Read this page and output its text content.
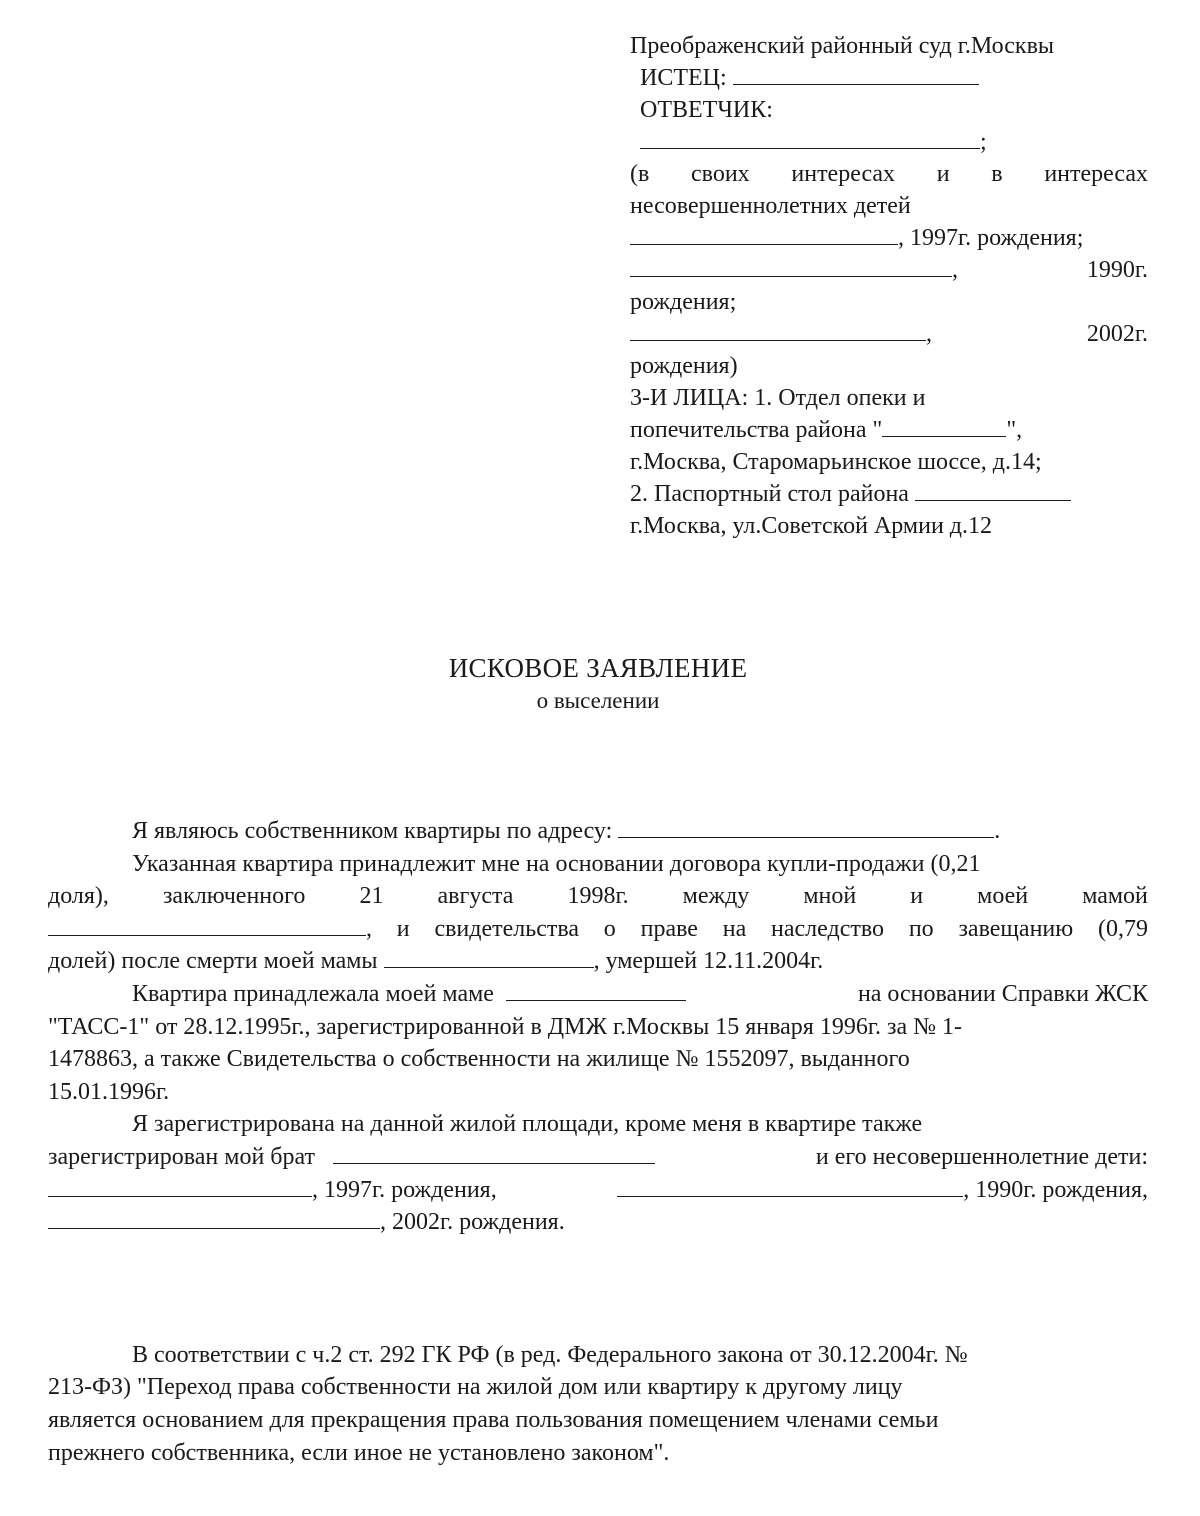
Преображенский районный суд г.Москвы
ИСТЕЦ:
ОТВЕТЧИК:
;
(в своих интересах и в интересах
несовершеннолетних детей
, 1997г. рождения;
,	1990г.
рождения;
,	2002г.
рождения)
3-И ЛИЦА: 1. Отдел опеки и
попечительства района "	",
г.Москва, Старомарьинское шоссе, д.14;
2. Паспортный стол района
г.Москва, ул.Советской Армии д.12
ИСКОВОЕ ЗАЯВЛЕНИЕ
о выселении
Я являюсь собственником квартиры по адресу:	.
Указанная квартира принадлежит мне на основании договора купли-продажи (0,21
доля), заключенного 21 августа 1998г. между мной и моей мамой
, и свидетельства о праве на наследство по завещанию (0,79
долей) после смерти моей мамы	, умершей 12.11.2004г.
Квартира принадлежала моей маме	на основании Справки ЖСК
"ТАСС-1" от 28.12.1995г., зарегистрированной в ДМЖ г.Москвы 15 января 1996г. за № 1-
1478863, а также Свидетельства о собственности на жилище № 1552097, выданного
15.01.1996г.
Я зарегистрирована на данной жилой площади, кроме меня в квартире также
зарегистрирован мой брат	и его несовершеннолетние дети:
, 1997г. рождения,	, 1990г. рождения,
, 2002г. рождения.
В соответствии с ч.2 ст. 292 ГК РФ (в ред. Федерального закона от 30.12.2004г. №
213-ФЗ) "Переход права собственности на жилой дом или квартиру к другому лицу
является основанием для прекращения права пользования помещением членами семьи
прежнего собственника, если иное не установлено законом".
